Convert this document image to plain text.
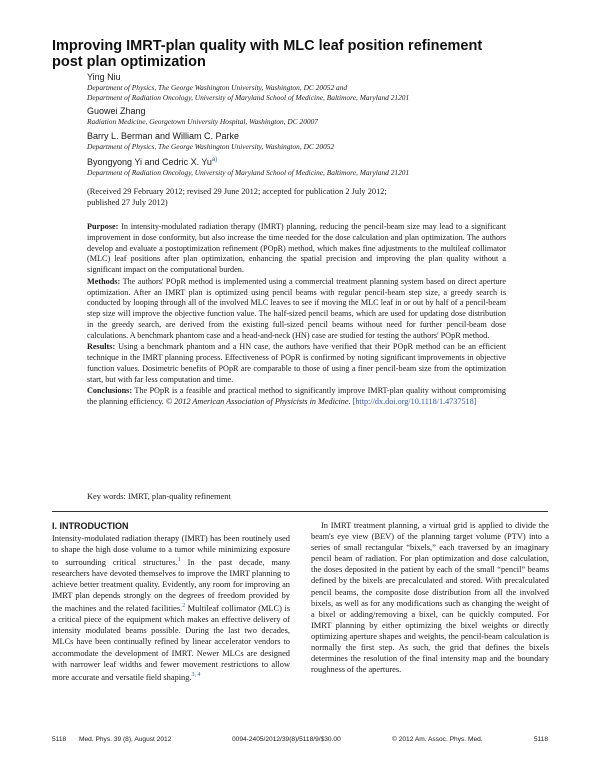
Improving IMRT-plan quality with MLC leaf position refinement
post plan optimization
Ying Niu
Department of Physics, The George Washington University, Washington, DC 20052 and
Department of Radiation Oncology, University of Maryland School of Medicine, Baltimore, Maryland 21201
Guowei Zhang
Radiation Medicine, Georgetown University Hospital, Washington, DC 20007
Barry L. Berman and William C. Parke
Department of Physics, The George Washington University, Washington, DC 20052
Byongyong Yi and Cedric X. Yu$^{a)}$
Department of Radiation Oncology, University of Maryland School of Medicine, Baltimore, Maryland 21201
(Received 29 February 2012; revised 29 June 2012; accepted for publication 2 July 2012;
published 27 July 2012)

Purpose: In intensity-modulated radiation therapy (IMRT) planning, reducing the pencil-beam size may lead to a significant improvement in dose conformity, but also increase the time needed for the dose calculation and plan optimization. The authors develop and evaluate a postoptimization refinement (POpR) method, which makes fine adjustments to the multileaf collimator (MLC) leaf positions after plan optimization, enhancing the spatial precision and improving the plan quality without a significant impact on the computational burden.

Methods: The authors' POpR method is implemented using a commercial treatment planning system based on direct aperture optimization. After an IMRT plan is optimized using pencil beams with regular pencil-beam step size, a greedy search is conducted by looping through all of the involved MLC leaves to see if moving the MLC leaf in or out by half of a pencil-beam step size will improve the objective function value. The half-sized pencil beams, which are used for updating dose distribution in the greedy search, are derived from the existing full-sized pencil beams without need for further pencil-beam dose calculations. A benchmark phantom case and a head-and-neck (HN) case are studied for testing the authors' POpR method.

Results: Using a benchmark phantom and a HN case, the authors have verified that their POpR method can be an efficient technique in the IMRT planning process. Effectiveness of POpR is confirmed by noting significant improvements in objective function values. Dosimetric benefits of POpR are comparable to those of using a finer pencil-beam size from the optimization start, but with far less computation and time.

Conclusions: The POpR is a feasible and practical method to significantly improve IMRT-plan quality without compromising the planning efficiency. © 2012 American Association of Physicists in Medicine. [http://dx.doi.org/10.1118/1.4737518]

Key words: IMRT, plan-quality refinement
I. INTRODUCTION

Intensity-modulated radiation therapy (IMRT) has been routinely used to shape the high dose volume to a tumor while minimizing exposure to surrounding critical structures.$^1$ In the past decade, many researchers have devoted themselves to improve the IMRT planning to achieve better treatment quality. Evidently, any room for improving an IMRT plan depends strongly on the degrees of freedom provided by the machines and the related facilities.$^2$ Multileaf collimator (MLC) is a critical piece of the equipment which makes an effective delivery of intensity modulated beams possible. During the last two decades, MLCs have been continually refined by linear accelerator vendors to accommodate the development of IMRT. Newer MLCs are designed with narrower leaf widths and fewer movement restrictions to allow more accurate and versatile field shaping.$^{3, 4}$

In IMRT treatment planning, a virtual grid is applied to divide the beam's eye view (BEV) of the planning target volume (PTV) into a series of small rectangular “bixels,” each traversed by an imaginary pencil beam of radiation. For plan optimization and dose calculation, the doses deposited in the patient by each of the small “pencil” beams defined by the bixels are precalculated and stored. With precalculated pencil beams, the composite dose distribution from all the involved bixels, as well as for any modifications such as changing the weight of a bixel or adding/removing a bixel, can be quickly computed. For IMRT planning by either optimizing the bixel weights or directly optimizing aperture shapes and weights, the pencil-beam calculation is normally the first step. As such, the grid that defines the bixels determines the resolution of the final intensity map and the boundary roughness of the apertures.

5118 Med. Phys. 39 (8), August 2012	0094-2405/2012/39(8)/5118/9/$30.00	© 2012 Am. Assoc. Phys. Med.	5118
